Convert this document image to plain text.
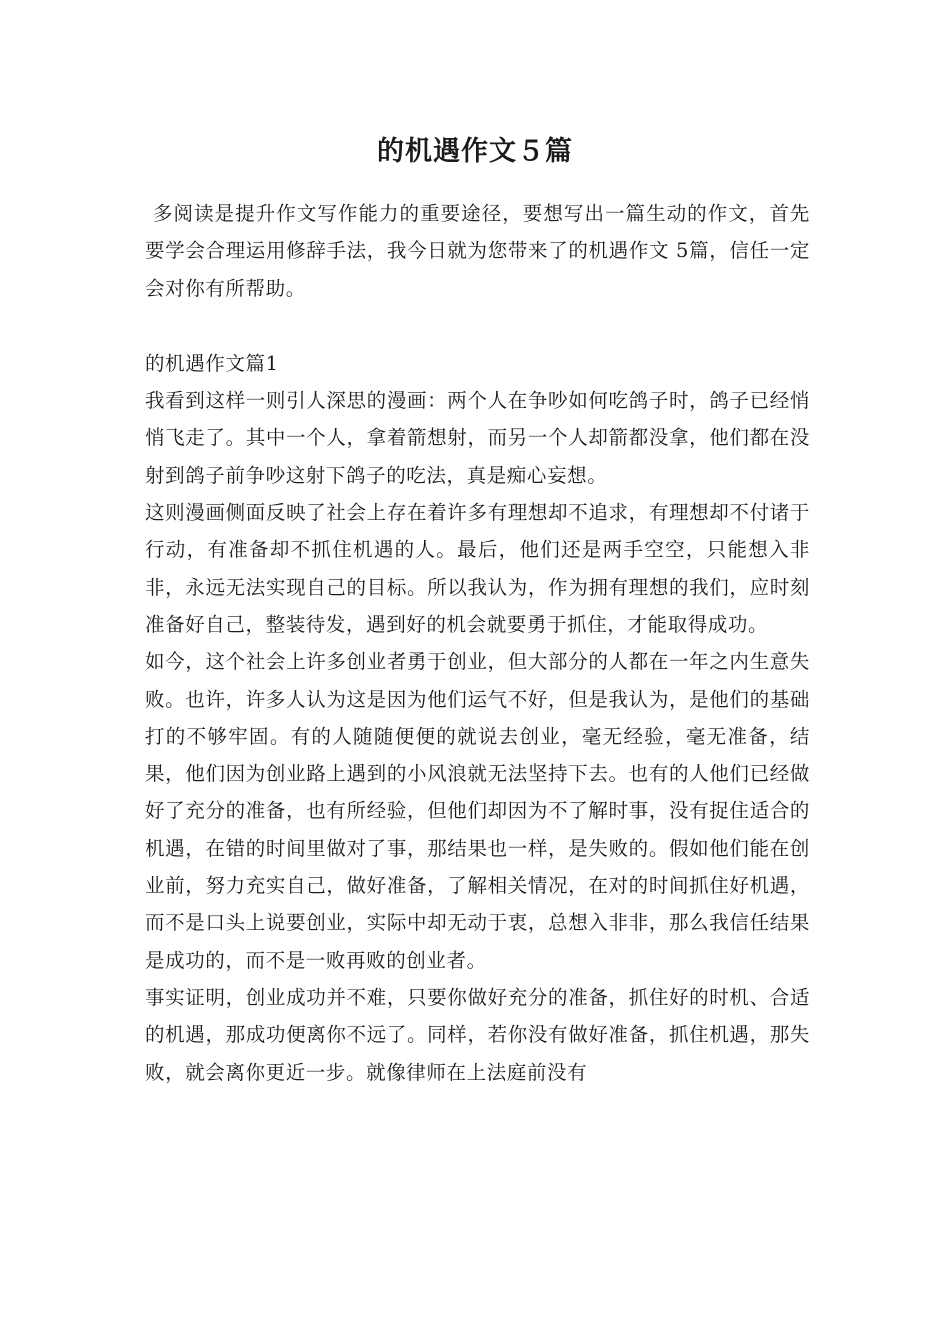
的机遇作文５篇

多阅读是提升作文写作能力的重要途径，要想写出一篇生动的作文，首先要学会合理运用修辞手法，我今日就为您带来了的机遇作文 5篇，信任一定会对你有所帮助。

的机遇作文篇1

我看到这样一则引人深思的漫画：两个人在争吵如何吃鸽子时，鸽子已经悄悄飞走了。其中一个人，拿着箭想射，而另一个人却箭都没拿，他们都在没射到鸽子前争吵这射下鸽子的吃法，真是痴心妄想。

这则漫画侧面反映了社会上存在着许多有理想却不追求，有理想却不付诸于行动，有准备却不抓住机遇的人。最后，他们还是两手空空，只能想入非非，永远无法实现自己的目标。所以我认为，作为拥有理想的我们，应时刻准备好自己，整装待发，遇到好的机会就要勇于抓住，才能取得成功。

如今，这个社会上许多创业者勇于创业，但大部分的人都在一年之内生意失败。也许，许多人认为这是因为他们运气不好，但是我认为，是他们的基础打的不够牢固。有的人随随便便的就说去创业，毫无经验，毫无准备，结果，他们因为创业路上遇到的小风浪就无法坚持下去。也有的人他们已经做好了充分的准备，也有所经验，但他们却因为不了解时事，没有捉住适合的机遇，在错的时间里做对了事，那结果也一样，是失败的。假如他们能在创业前，努力充实自己，做好准备，了解相关情况，在对的时间抓住好机遇，而不是口头上说要创业，实际中却无动于衷，总想入非非，那么我信任结果是成功的，而不是一败再败的创业者。

事实证明，创业成功并不难，只要你做好充分的准备，抓住好的时机、合适的机遇，那成功便离你不远了。同样，若你没有做好准备，抓住机遇，那失败，就会离你更近一步。就像律师在上法庭前没有
